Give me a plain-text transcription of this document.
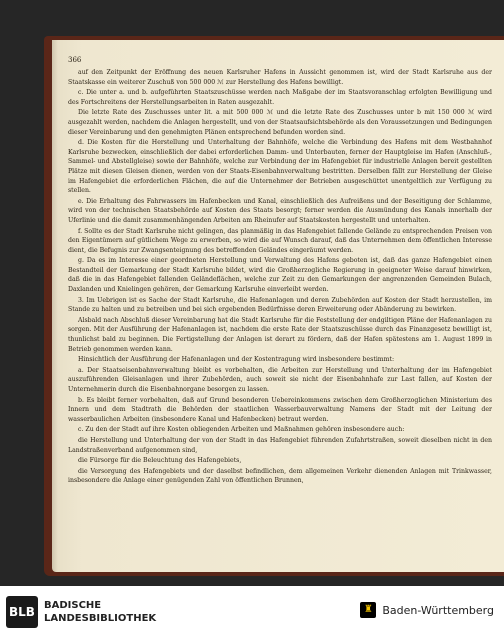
366

auf den Zeitpunkt der Eröffnung des neuen Karlsruher Hafens in Aussicht genommen ist, wird der Stadt Karlsruhe aus der Staatskasse ein weiterer Zuschuß von 500 000 ℳ zur Herstellung des Hafens bewilligt.

c. Die unter a. und b. aufgeführten Staatszuschüsse werden nach Maßgabe der im Staatsvoranschlag erfolgten Bewilligung und des Fortschreitens der Herstellungsarbeiten in Raten ausgezahlt.

Die letzte Rate des Zuschusses unter lit. a mit 500 000 ℳ und die letzte Rate des Zuschusses unter b mit 150 000 ℳ wird ausgezahlt werden, nachdem die Anlagen hergestellt, und von der Staatsaufsichtsbehörde als den Voraussetzungen und Bedingungen dieser Vereinbarung und den genehmigten Plänen entsprechend befunden worden sind.

d. Die Kosten für die Herstellung und Unterhaltung der Bahnhöfe, welche die Verbindung des Hafens mit dem Westbahnhof Karlsruhe bezwecken, einschließlich der dabei erforderlichen Damm- und Unterbauten, ferner der Hauptgleise im Hafen (Anschluß-, Sammel- und Abstellgleise) sowie der Bahnhöfe, welche zur Verbindung der im Hafengebiet für industrielle Anlagen bereit gestellten Plätze mit diesen Gleisen dienen, werden von der Staats-Eisenbahnverwaltung bestritten. Derselben fällt zur Herstellung der Gleise im Hafengebiet die erforderlichen Flächen, die auf die Unternehmer der Betrieben ausgeschüttet unentgeltlich zur Verfügung zu stellen.

e. Die Erhaltung des Fahrwassers im Hafenbecken und Kanal, einschließlich des Aufreißens und der Beseitigung der Schlamme, wird von der technischen Staatsbehörde auf Kosten des Staats besorgt; ferner werden die Ausmündung des Kanals innerhalb der Uferlinie und die damit zusammenhängenden Arbeiten am Rheinufer auf Staatskosten hergestellt und unterhalten.

f. Sollte es der Stadt Karlsruhe nicht gelingen, das planmäßig in das Hafengebiet fallende Gelände zu entsprechenden Preisen von den Eigentümern auf gütlichem Wege zu erwerben, so wird die auf Wunsch darauf, daß das Unternehmen dem öffentlichen Interesse dient, die Befugnis zur Zwangsenteignung des betreffenden Geländes eingeräumt werden.

g. Da es im Interesse einer geordneten Herstellung und Verwaltung des Hafens geboten ist, daß das ganze Hafengebiet einen Bestandteil der Gemarkung der Stadt Karlsruhe bildet, wird die Großherzogliche Regierung in geeigneter Weise darauf hinwirken, daß die in das Hafengebiet fallenden Geländeflächen, welche zur Zeit zu den Gemarkungen der angrenzenden Gemeinden Bulach, Daxlanden und Knielingen gehören, der Gemarkung Karlsruhe einverleibt werden.

3. Im Uebrigen ist es Sache der Stadt Karlsruhe, die Hafenanlagen und deren Zubehörden auf Kosten der Stadt herzustellen, im Stande zu halten und zu betreiben und bei sich ergebenden Bedürfnisse deren Erweiterung oder Abänderung zu bewirken.

Alsbald nach Abschluß dieser Vereinbarung hat die Stadt Karlsruhe für die Feststellung der endgiltigen Pläne der Hafenanlagen zu sorgen. Mit der Ausführung der Hafenanlagen ist, nachdem die erste Rate der Staatszuschüsse durch das Finanzgesetz bewilligt ist, thunlichst bald zu beginnen. Die Fertigstellung der Anlagen ist derart zu fördern, daß der Hafen spätestens am 1. August 1899 in Betrieb genommen werden kann.

Hinsichtlich der Ausführung der Hafenanlagen und der Kostentragung wird insbesondere bestimmt:

a. Der Staatseisenbahnverwaltung bleibt es vorbehalten, die Arbeiten zur Herstellung und Unterhaltung der im Hafengebiet auszuführenden Gleisanlagen und ihrer Zubehörden, auch soweit sie nicht der Eisenbahnhafe zur Last fallen, auf Kosten der Unternehmerin durch die Eisenbahnorgane besorgen zu lassen.

b. Es bleibt ferner vorbehalten, daß auf Grund besonderen Uebereinkommens zwischen dem Großherzoglichen Ministerium des Innern und dem Stadtrath die Behörden der staatlichen Wasserbauverwaltung Namens der Stadt mit der Leitung der wasserbaulichen Arbeiten (insbesondere Kanal und Hafenbecken) betraut werden.

c. Zu den der Stadt auf ihre Kosten obliegenden Arbeiten und Maßnahmen gehören insbesondere auch:

die Herstellung und Unterhaltung der von der Stadt in das Hafengebiet führenden Zufahrtstraßen, soweit dieselben nicht in den Landstraßenverband aufgenommen sind,

die Fürsorge für die Beleuchtung des Hafengebiets,

die Versorgung des Hafengebiets und der daselbst befindlichen, dem allgemeinen Verkehr dienenden Anlagen mit Trinkwasser, insbesondere die Anlage einer genügenden Zahl von öffentlichen Brunnen,

BLB BADISCHE
LANDESBIBLIOTHEK
♜ Baden-Württemberg
